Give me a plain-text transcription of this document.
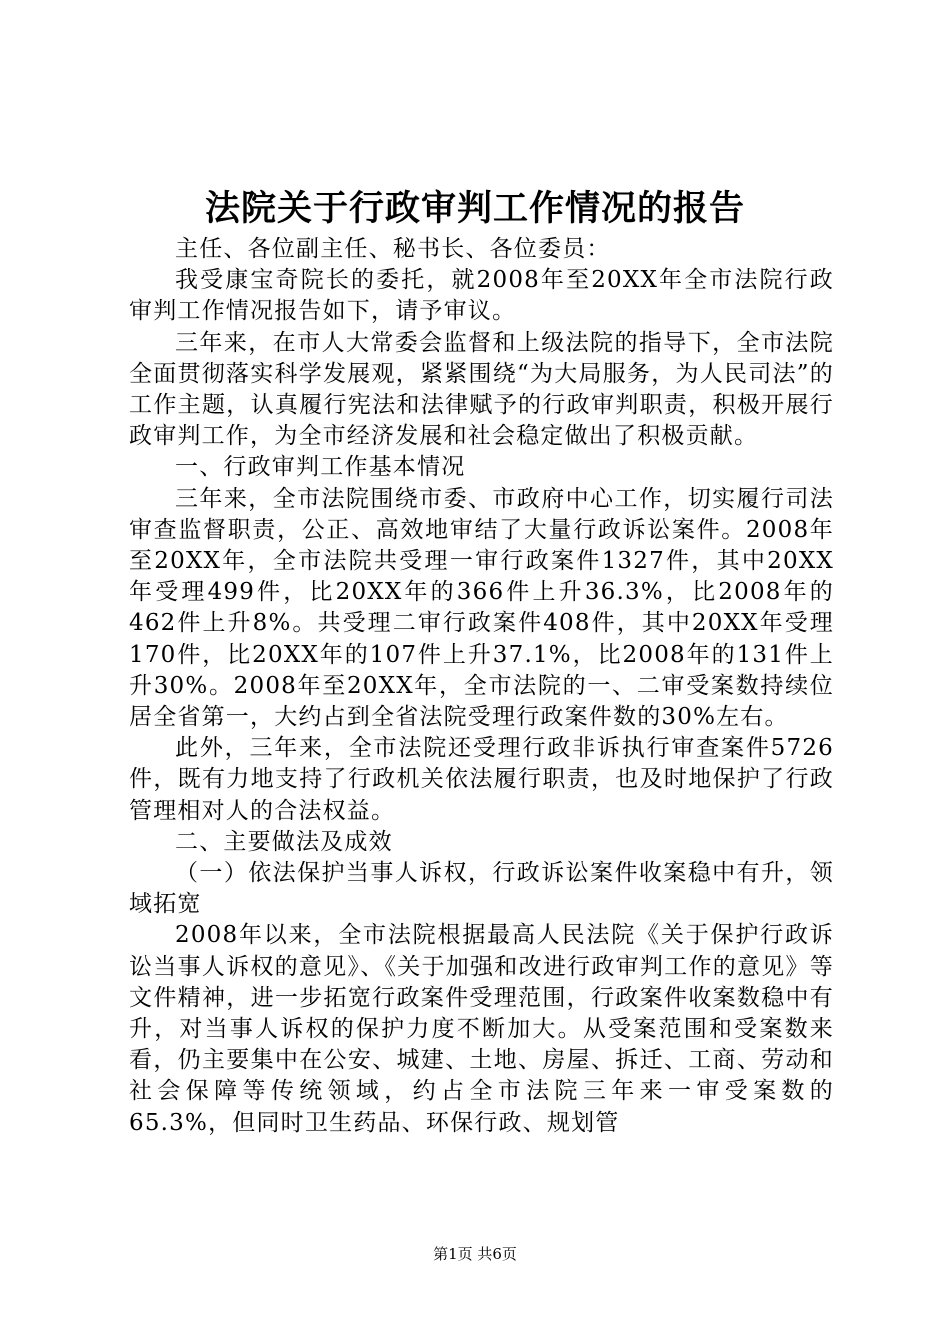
法院关于行政审判工作情况的报告

主任、各位副主任、秘书长、各位委员：

我受康宝奇院长的委托，就2008年至20XX年全市法院行政审判工作情况报告如下，请予审议。

三年来，在市人大常委会监督和上级法院的指导下，全市法院全面贯彻落实科学发展观，紧紧围绕“为大局服务，为人民司法”的工作主题，认真履行宪法和法律赋予的行政审判职责，积极开展行政审判工作，为全市经济发展和社会稳定做出了积极贡献。

一、行政审判工作基本情况

三年来，全市法院围绕市委、市政府中心工作，切实履行司法审查监督职责，公正、高效地审结了大量行政诉讼案件。2008年至20XX年，全市法院共受理一审行政案件1327件，其中20XX年受理499件，比20XX年的366件上升36.3%，比2008年的462件上升8%。共受理二审行政案件408件，其中20XX年受理170件，比20XX年的107件上升37.1%，比2008年的131件上升30%。2008年至20XX年，全市法院的一、二审受案数持续位居全省第一，大约占到全省法院受理行政案件数的30%左右。

此外，三年来，全市法院还受理行政非诉执行审查案件5726件，既有力地支持了行政机关依法履行职责，也及时地保护了行政管理相对人的合法权益。

二、主要做法及成效

（一）依法保护当事人诉权，行政诉讼案件收案稳中有升，领域拓宽

2008年以来，全市法院根据最高人民法院《关于保护行政诉讼当事人诉权的意见》、《关于加强和改进行政审判工作的意见》等文件精神，进一步拓宽行政案件受理范围，行政案件收案数稳中有升，对当事人诉权的保护力度不断加大。从受案范围和受案数来看，仍主要集中在公安、城建、土地、房屋、拆迁、工商、劳动和社会保障等传统领域，约占全市法院三年来一审受案数的65.3%，但同时卫生药品、环保行政、规划管

第1页 共6页
